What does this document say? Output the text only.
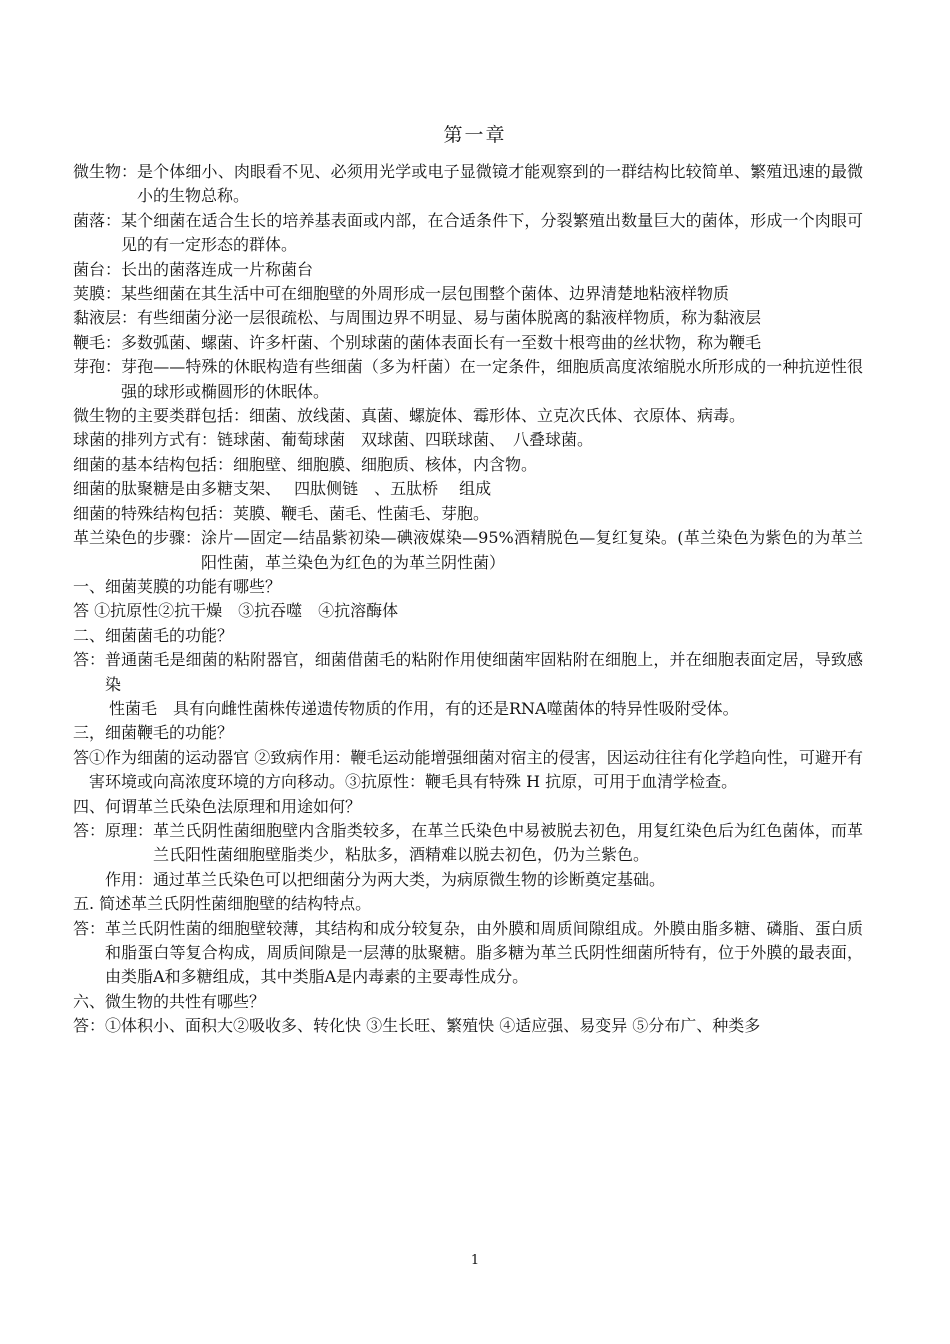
第一章
微生物： 是个体细小、肉眼看不见、必须用光学或电子显微镜才能观察到的一群结构比较简单、繁殖迅速的最微小的生物总称。
菌落： 某个细菌在适合生长的培养基表面或内部，在合适条件下，分裂繁殖出数量巨大的菌体，形成一个肉眼可见的有一定形态的群体。
菌台： 长出的菌落连成一片称菌台
荚膜： 某些细菌在其生活中可在细胞壁的外周形成一层包围整个菌体、边界清楚地粘液样物质
黏液层： 有些细菌分泌一层很疏松、与周围边界不明显、易与菌体脱离的黏液样物质，称为黏液层
鞭毛： 多数弧菌、螺菌、许多杆菌、个别球菌的菌体表面长有一至数十根弯曲的丝状物，称为鞭毛
芽孢： 芽孢——特殊的休眠构造有些细菌（多为杆菌）在一定条件，细胞质高度浓缩脱水所形成的一种抗逆性很强的球形或椭圆形的休眠体。
微生物的主要类群包括：细菌、放线菌、真菌、螺旋体、霉形体、立克次氏体、衣原体、病毒。
球菌的排列方式有：链球菌、葡萄球菌　双球菌、四联球菌、　八叠球菌。
细菌的基本结构包括：细胞壁、细胞膜、细胞质、核体，内含物。
细菌的肽聚糖是由多糖支架、　 四肽侧链　、五肽桥　 组成
细菌的特殊结构包括：荚膜、鞭毛、菌毛、性菌毛、芽胞。
革兰染色的步骤： 涂片—固定—结晶紫初染—碘液媒染—95%酒精脱色—复红复染。(革兰染色为紫色的为革兰阳性菌，革兰染色为红色的为革兰阴性菌）
一、细菌荚膜的功能有哪些？
答 ①抗原性②抗干燥　③抗吞噬　④抗溶酶体
二、细菌菌毛的功能？
答： 普通菌毛是细菌的粘附器官，细菌借菌毛的粘附作用使细菌牢固粘附在细胞上，并在细胞表面定居，导致感染
性菌毛　具有向雌性菌株传递遗传物质的作用，有的还是RNA噬菌体的特异性吸附受体。
三，细菌鞭毛的功能？
答 ①作为细菌的运动器官 ②致病作用：鞭毛运动能增强细菌对宿主的侵害，因运动往往有化学趋向性，可避开有害环境或向高浓度环境的方向移动。③抗原性：鞭毛具有特殊 H 抗原，可用于血清学检查。
四、何谓革兰氏染色法原理和用途如何？
答： 原理： 革兰氏阴性菌细胞壁内含脂类较多，在革兰氏染色中易被脱去初色，用复红染色后为红色菌体，而革兰氏阳性菌细胞壁脂类少，粘肽多，酒精难以脱去初色，仍为兰紫色。
作用： 通过革兰氏染色可以把细菌分为两大类，为病原微生物的诊断奠定基础。
五. 简述革兰氏阴性菌细胞壁的结构特点。
答： 革兰氏阴性菌的细胞壁较薄，其结构和成分较复杂，由外膜和周质间隙组成。外膜由脂多糖、磷脂、蛋白质和脂蛋白等复合构成，周质间隙是一层薄的肽聚糖。脂多糖为革兰氏阴性细菌所特有，位于外膜的最表面，由类脂A和多糖组成，其中类脂A是内毒素的主要毒性成分。
六、微生物的共性有哪些？
答： ①体积小、面积大②吸收多、转化快 ③生长旺、繁殖快 ④适应强、易变异 ⑤分布广、种类多
1
